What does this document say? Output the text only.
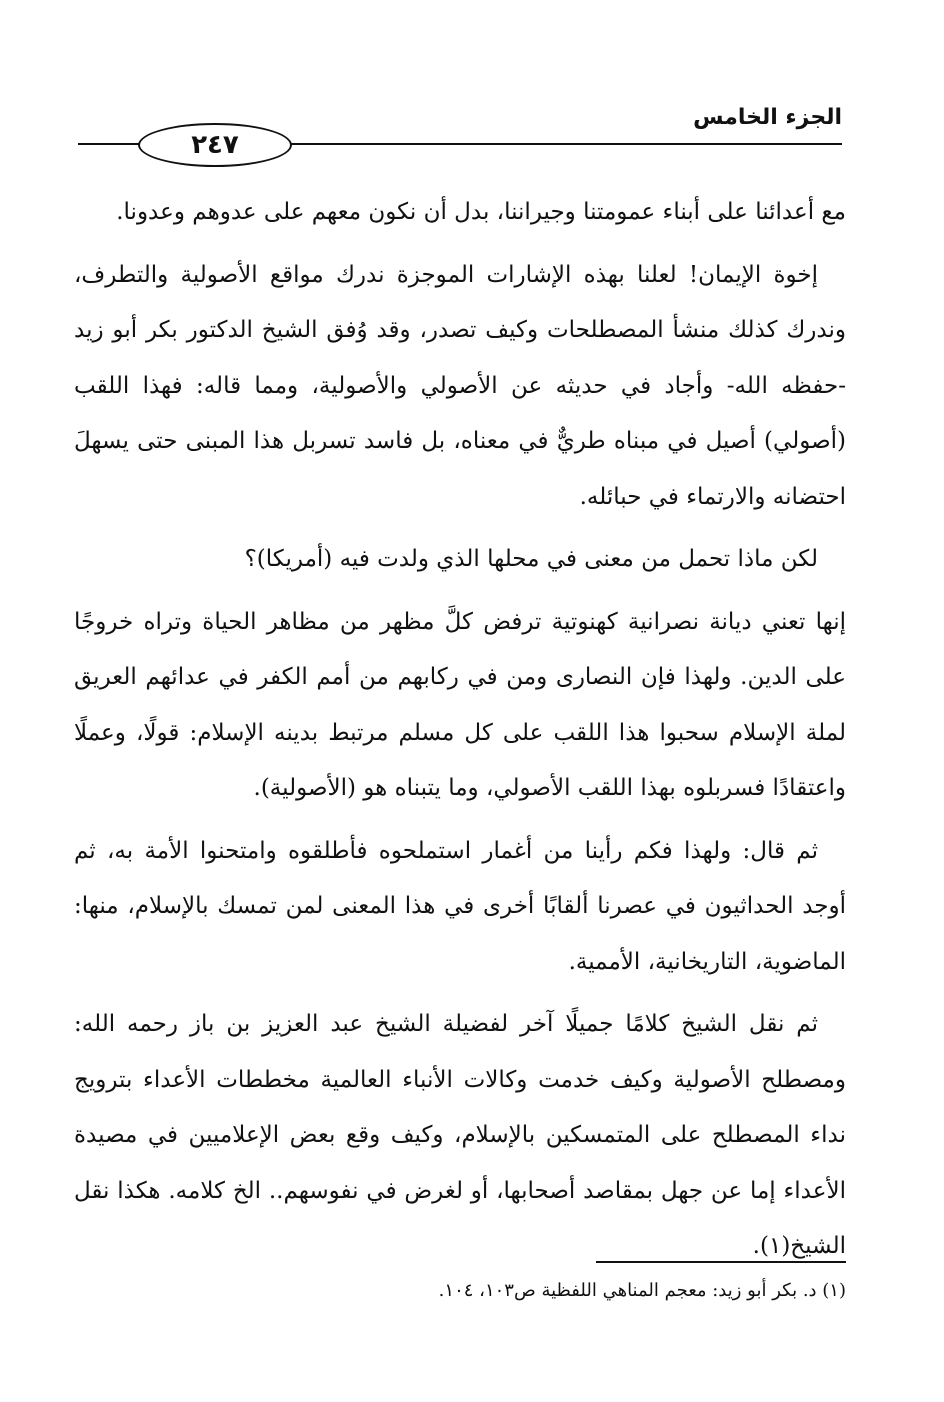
الجزء الخامس
٢٤٧

مع أعدائنا على أبناء عمومتنا وجيراننا، بدل أن نكون معهم على عدوهم وعدونا.

إخوة الإيمان! لعلنا بهذه الإشارات الموجزة ندرك مواقع الأصولية والتطرف، وندرك كذلك منشأ المصطلحات وكيف تصدر، وقد وُفق الشيخ الدكتور بكر أبو زيد -حفظه الله- وأجاد في حديثه عن الأصولي والأصولية، ومما قاله: فهذا اللقب (أصولي) أصيل في مبناه طريٌّ في معناه، بل فاسد تسربل هذا المبنى حتى يسهلَ احتضانه والارتماء في حبائله.

لكن ماذا تحمل من معنى في محلها الذي ولدت فيه (أمريكا)؟

إنها تعني ديانة نصرانية كهنوتية ترفض كلَّ مظهر من مظاهر الحياة وتراه خروجًا على الدين. ولهذا فإن النصارى ومن في ركابهم من أمم الكفر في عدائهم العريق لملة الإسلام سحبوا هذا اللقب على كل مسلم مرتبط بدينه الإسلام: قولًا، وعملًا واعتقادًا فسربلوه بهذا اللقب الأصولي، وما يتبناه هو (الأصولية).

ثم قال: ولهذا فكم رأينا من أغمار استملحوه فأطلقوه وامتحنوا الأمة به، ثم أوجد الحداثيون في عصرنا ألقابًا أخرى في هذا المعنى لمن تمسك بالإسلام، منها: الماضوية، التاريخانية، الأممية.

ثم نقل الشيخ كلامًا جميلًا آخر لفضيلة الشيخ عبد العزيز بن باز رحمه الله: ومصطلح الأصولية وكيف خدمت وكالات الأنباء العالمية مخططات الأعداء بترويج نداء المصطلح على المتمسكين بالإسلام، وكيف وقع بعض الإعلاميين في مصيدة الأعداء إما عن جهل بمقاصد أصحابها، أو لغرض في نفوسهم.. الخ كلامه. هكذا نقل الشيخ(١).

(١) د. بكر أبو زيد: معجم المناهي اللفظية ص١٠٣، ١٠٤.
